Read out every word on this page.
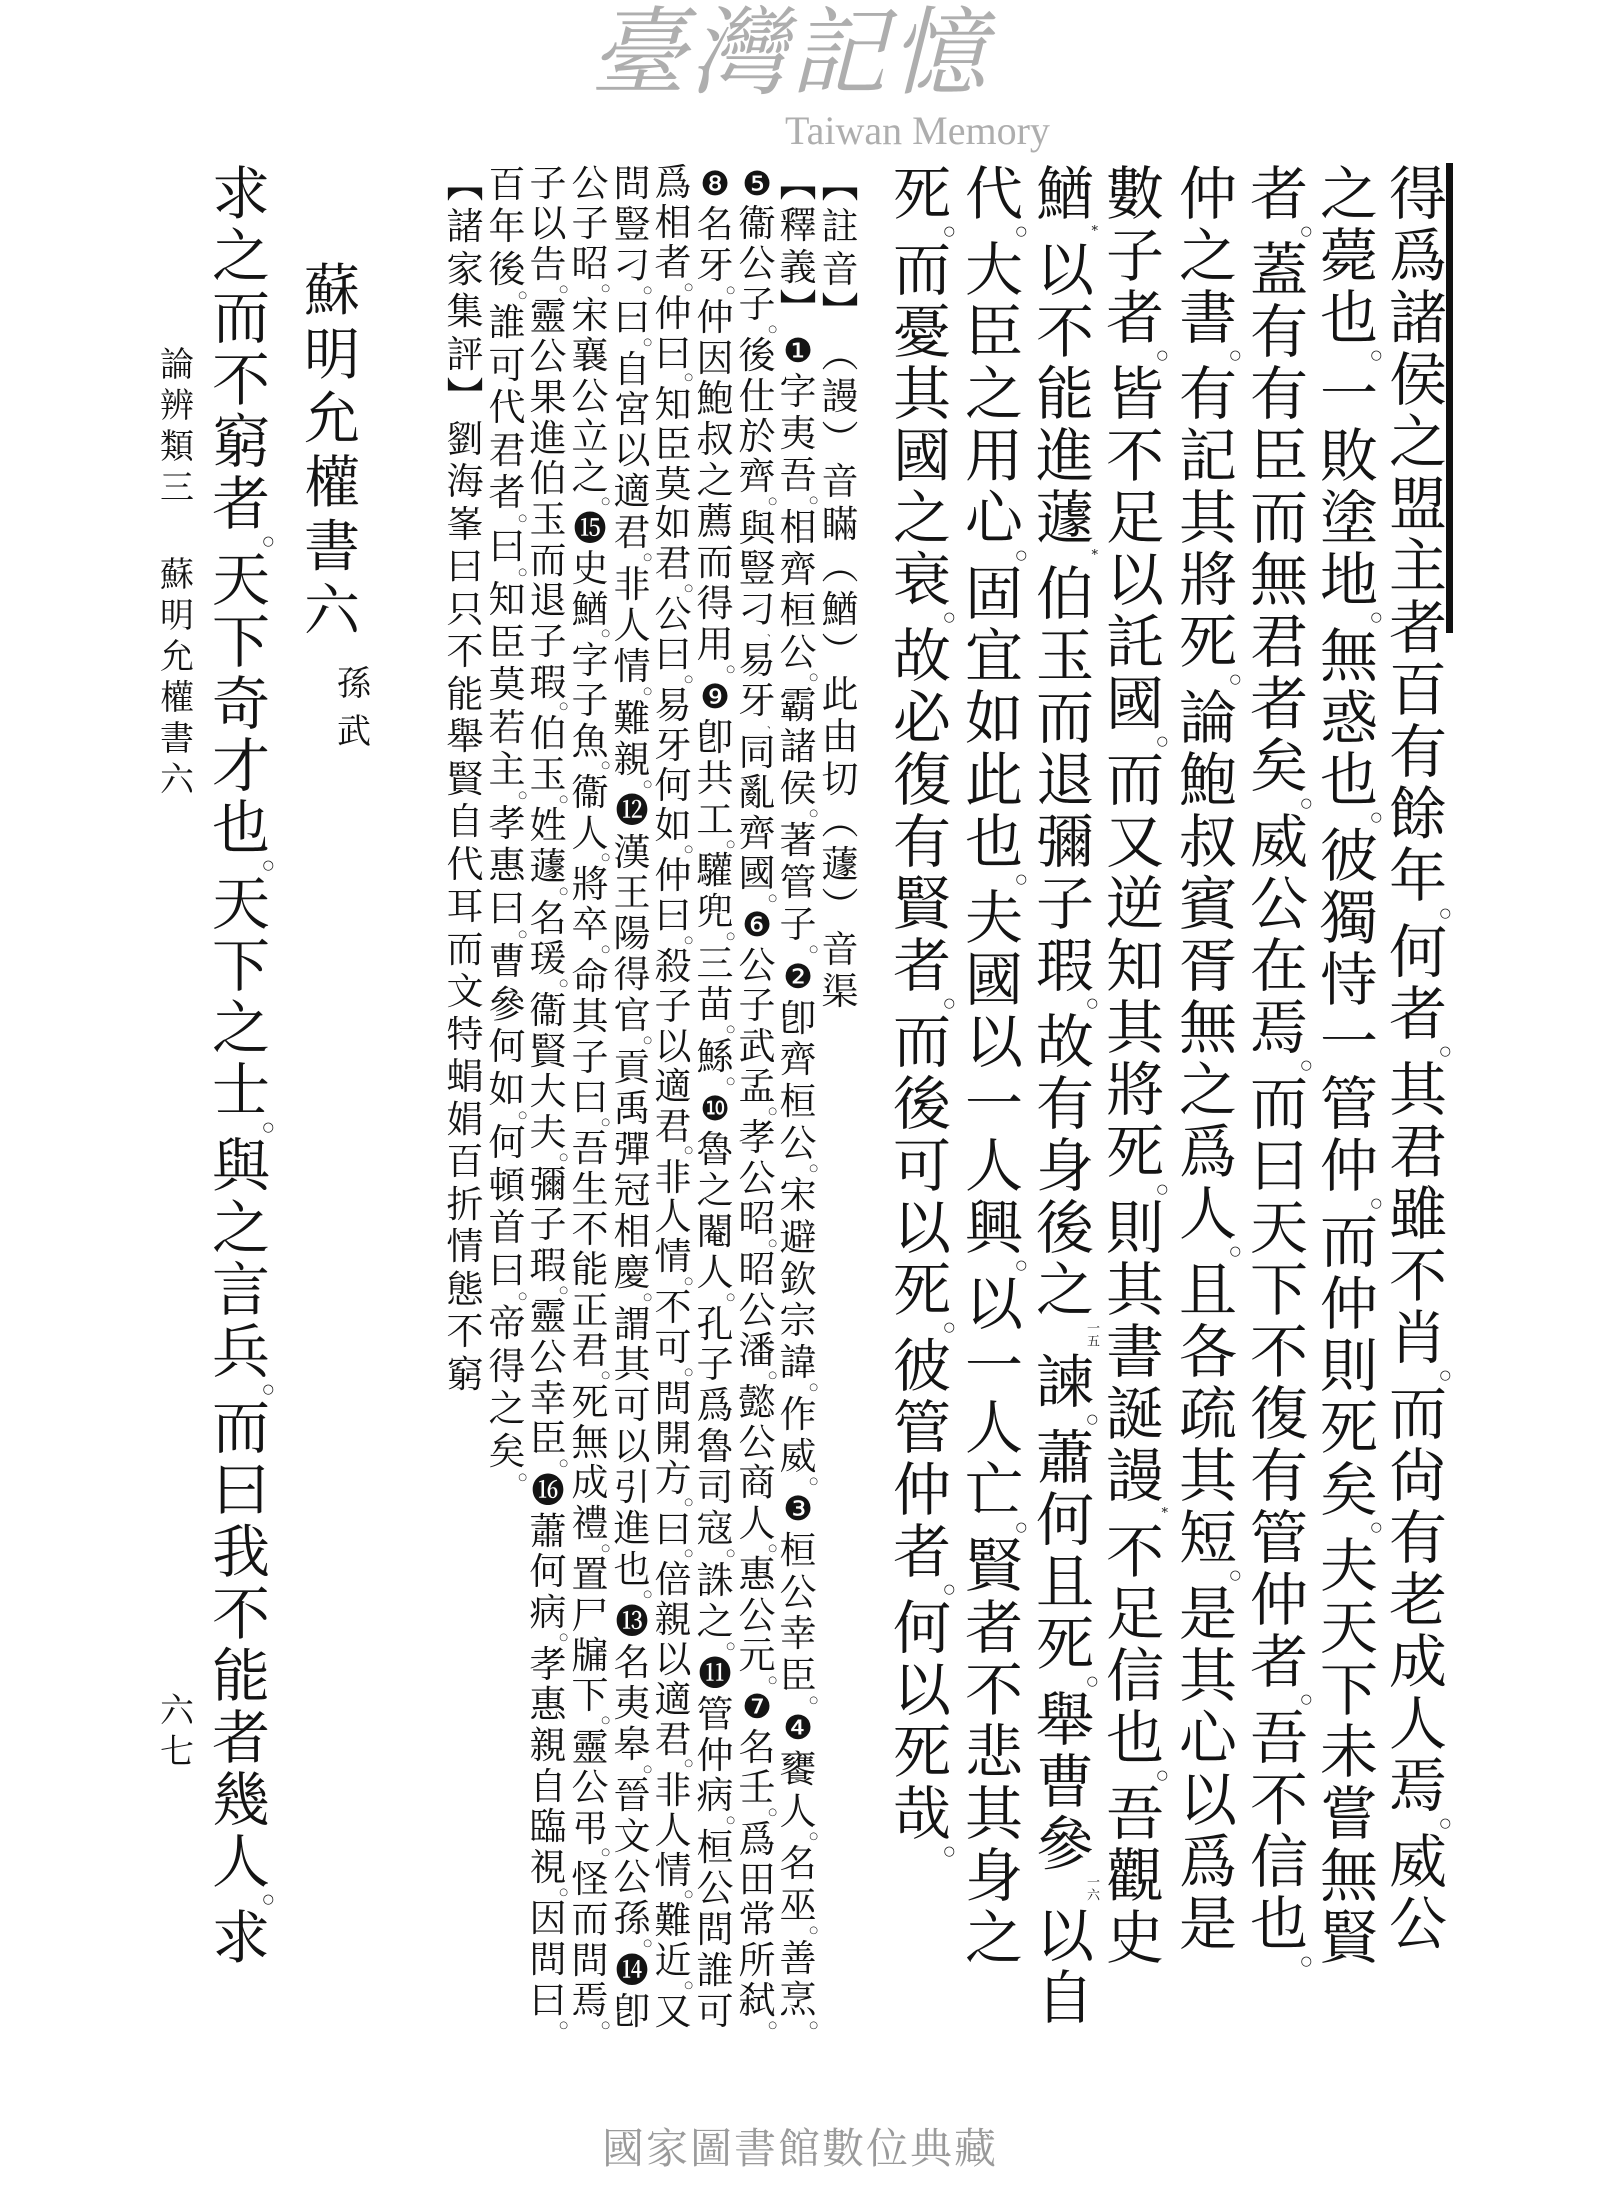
得
爲
諸
侯
之
盟
主
者
百
有
餘
年
○
何
者
○
其
君
雖
不
肖
○
而
尙
有
老
成
人
焉
○
威
公
之
薨
也
○
一
敗
塗
地
○
無
惑
也
○
彼
獨
恃
一
管
仲
○
而
仲
則
死
矣
○
夫
天
下
未
嘗
無
賢
者
○
蓋
有
有
臣
而
無
君
者
矣
○
威
公
在
焉
○
而
曰
天
下
不
復
有
管
仲
者
○
吾
不
信
也
○
仲
之
書
○
有
記
其
將
死
○
論
鮑
叔
賓
胥
無
之
爲
人
○
且
各
疏
其
短
○
是
其
心
以
爲
是
數
子
者
○
皆
不
足
以
託
國
○
而
又
逆
知
其
將
死
○
則
其
書
誕
謾
*
不
足
信
也
○
吾
觀
史
鰌
*
以
不
能
進
蘧
*
伯
玉
而
退
彌
子
瑕
○
故
有
身
後
之
一五
諫
○
蕭
何
且
死
○
舉
曹
參
一六
以
自
代
○
大
臣
之
用
心
○
固
宜
如
此
也
○
夫
國
以
一
人
興
○
以
一
人
亡
○
賢
者
不
悲
其
身
之
死
○
而
憂
其
國
之
衰
○
故
必
復
有
賢
者
○
而
後
可
以
死
○
彼
管
仲
者
○
何
以
死
哉
○
︻
註
音
︼
︵
謾
︶
音
瞞
︵
鰌
︶
此
由
切
︵
蘧
︶
音
渠
︻
釋
義
︼
❶
字
夷
吾
○
相
齊
桓
公
○
霸
諸
侯
○
著
管
子
○
❷
卽
齊
桓
公
○
宋
避
欽
宗
諱
○
作
威
○
❸
桓
公
幸
臣
○
❹
饔
人
○
名
巫
○
善
烹
○
❺
衞
公
子
○
後
仕
於
齊
○
與
豎
刁
、
易
牙
、
同
亂
齊
國
○
❻
公
子
武
孟
○
孝
公
昭
○
昭
公
潘
○
懿
公
商
人
○
惠
公
元
○
❼
名
壬
○
爲
田
常
所
弑
○
❽
名
牙
○
仲
因
鮑
叔
之
薦
而
得
用
○
❾
卽
共
工
○
驩
兜
○
三
苗
○
鯀
○
❿
魯
之
閹
人
○
孔
子
爲
魯
司
寇
○
誅
之
○
⓫
管
仲
病
○
桓
公
問
誰
可
爲
相
者
○
仲
曰
○
知
臣
莫
如
君
○
公
曰
○
易
牙
何
如
○
仲
曰
○
殺
子
以
適
君
○
非
人
情
○
不
可
○
問
開
方
○
曰
○
倍
親
以
適
君
○
非
人
情
○
難
近
○
又
問
豎
刁
○
曰
○
自
宮
以
適
君
○
非
人
情
○
難
親
○
⓬
漢
王
陽
得
官
○
貢
禹
彈
冠
相
慶
○
謂
其
可
以
引
進
也
○
⓭
名
夷
皋
○
晉
文
公
孫
○
⓮
卽
公
子
昭
○
宋
襄
公
立
之
○
⓯
史
鰌
○
字
子
魚
○
衞
人
○
將
卒
○
命
其
子
曰
○
吾
生
不
能
正
君
○
死
無
成
禮
○
置
尸
牖
下
○
靈
公
弔
○
怪
而
問
焉
○
子
以
告
○
靈
公
果
進
伯
玉
而
退
子
瑕
○
伯
玉
○
姓
蘧
○
名
瑗
○
衞
賢
大
夫
○
彌
子
瑕
○
靈
公
幸
臣
○
⓰
蕭
何
病
○
孝
惠
親
自
臨
視
○
因
問
曰
○
百
年
後
○
誰
可
代
君
者
○
曰
○
知
臣
莫
若
主
○
孝
惠
曰
○
曹
參
何
如
○
何
頓
首
曰
○
帝
得
之
矣
○
︻
諸
家
集
評
︼
劉
海
峯
曰
只
不
能
舉
賢
自
代
耳
而
文
特
蜎
娟
百
折
情
態
不
窮
蘇
明
允
權
書
六
孫
武
求
之
而
不
窮
者
○
天
下
奇
才
也
○
天
下
之
士
○
與
之
言
兵
○
而
曰
我
不
能
者
幾
人
○
求
論
辨
類
三
蘇
明
允
權
書
六
六
七
臺灣記憶
Taiwan Memory
國家圖書館數位典藏
